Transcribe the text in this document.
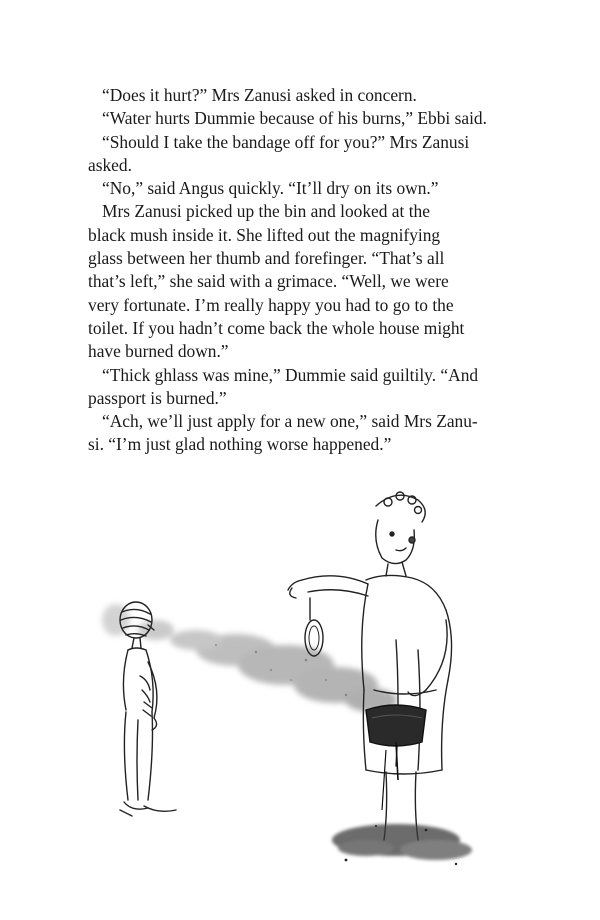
“Does it hurt?” Mrs Zanusi asked in concern.

“Water hurts Dummie because of his burns,” Ebbi said.

“Should I take the bandage off for you?” Mrs Zanusi
asked.

“No,” said Angus quickly. “It’ll dry on its own.”

Mrs Zanusi picked up the bin and looked at the
black mush inside it. She lifted out the magnifying
glass between her thumb and forefinger. “That’s all
that’s left,” she said with a grimace. “Well, we were
very fortunate. I’m really happy you had to go to the
toilet. If you hadn’t come back the whole house might
have burned down.”

“Thick ghlass was mine,” Dummie said guiltily. “And
passport is burned.”

“Ach, we’ll just apply for a new one,” said Mrs Zanu-
si. “I’m just glad nothing worse happened.”
